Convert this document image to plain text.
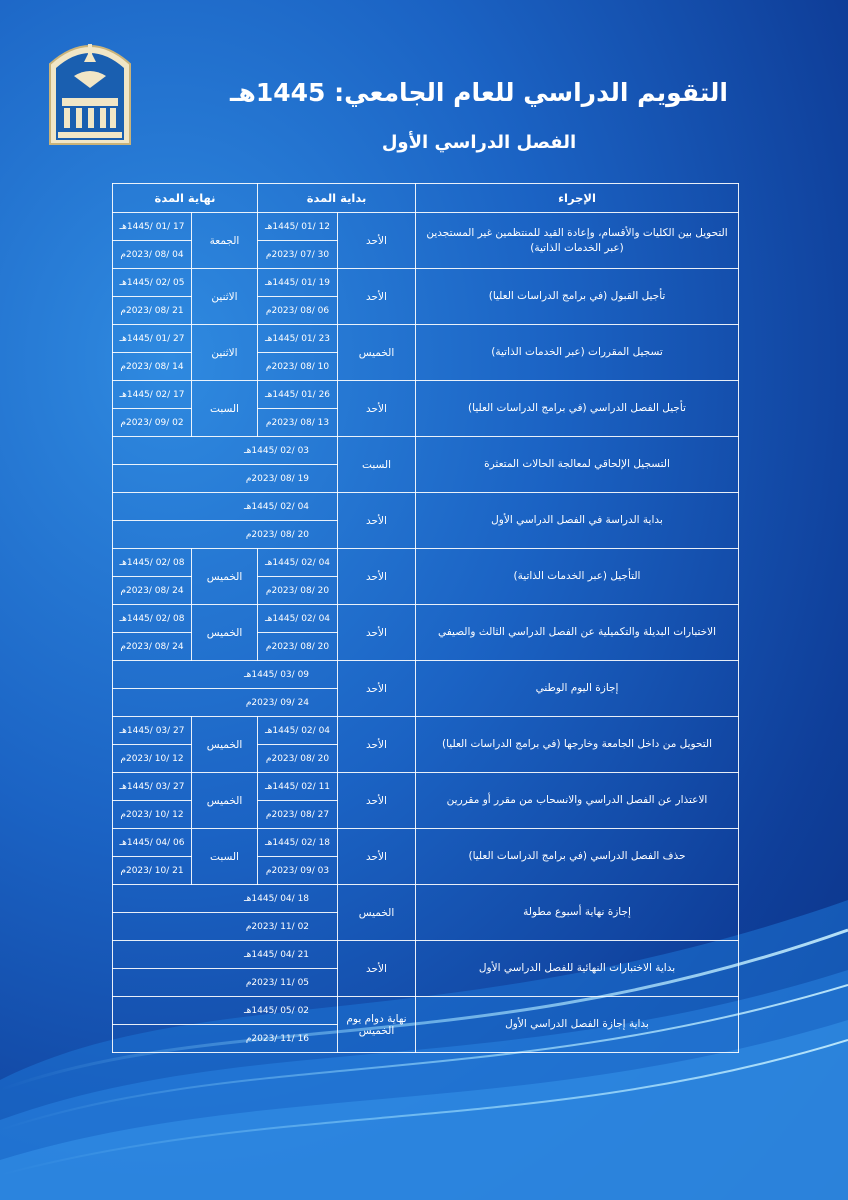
التقويم الدراسي للعام الجامعي: 1445هـ
الفصل الدراسي الأول
الإجراء	بداية المدة		نهاية المدة	
التحويل بين الكليات والأقسام، وإعادة القيد للمنتظمين غير المستجدين (عبر الخدمات الذاتية)	الأحد	12 /01 /1445هـ	الجمعة	17 /01 /1445هـ
		30 /07 /2023م		04 /08 /2023م
تأجيل القبول (في برامج الدراسات العليا)	الأحد	19 /01 /1445هـ	الاثنين	05 /02 /1445هـ
		06 /08 /2023م		21 /08 /2023م
تسجيل المقررات (عبر الخدمات الذاتية)	الخميس	23 /01 /1445هـ	الاثنين	27 /01 /1445هـ
		10 /08 /2023م		14 /08 /2023م
تأجيل الفصل الدراسي (في برامج الدراسات العليا)	الأحد	26 /01 /1445هـ	السبت	17 /02 /1445هـ
		13 /08 /2023م		02 /09 /2023م
التسجيل الإلحاقي لمعالجة الحالات المتعثرة	السبت	03 /02 /1445هـ		
		19 /08 /2023م		
بداية الدراسة في الفصل الدراسي الأول	الأحد	04 /02 /1445هـ		
		20 /08 /2023م		
التأجيل (عبر الخدمات الذاتية)	الأحد	04 /02 /1445هـ	الخميس	08 /02 /1445هـ
		20 /08 /2023م		24 /08 /2023م
الاختبارات البديلة والتكميلية عن الفصل الدراسي الثالث والصيفي	الأحد	04 /02 /1445هـ	الخميس	08 /02 /1445هـ
		20 /08 /2023م		24 /08 /2023م
إجازة اليوم الوطني	الأحد	09 /03 /1445هـ		
		24 /09 /2023م		
التحويل من داخل الجامعة وخارجها (في برامج الدراسات العليا)	الأحد	04 /02 /1445هـ	الخميس	27 /03 /1445هـ
		20 /08 /2023م		12 /10 /2023م
الاعتذار عن الفصل الدراسي والانسحاب من مقرر أو مقررين	الأحد	11 /02 /1445هـ	الخميس	27 /03 /1445هـ
		27 /08 /2023م		12 /10 /2023م
حذف الفصل الدراسي (في برامج الدراسات العليا)	الأحد	18 /02 /1445هـ	السبت	06 /04 /1445هـ
		03 /09 /2023م		21 /10 /2023م
إجازة نهاية أسبوع مطولة	الخميس	18 /04 /1445هـ		
		02 /11 /2023م		
بداية الاختبارات النهائية للفصل الدراسي الأول	الأحد	21 /04 /1445هـ		
		05 /11 /2023م		
بداية إجازة الفصل الدراسي الأول	نهاية دوام يوم الخميس	02 /05 /1445هـ		
		16 /11 /2023م		
